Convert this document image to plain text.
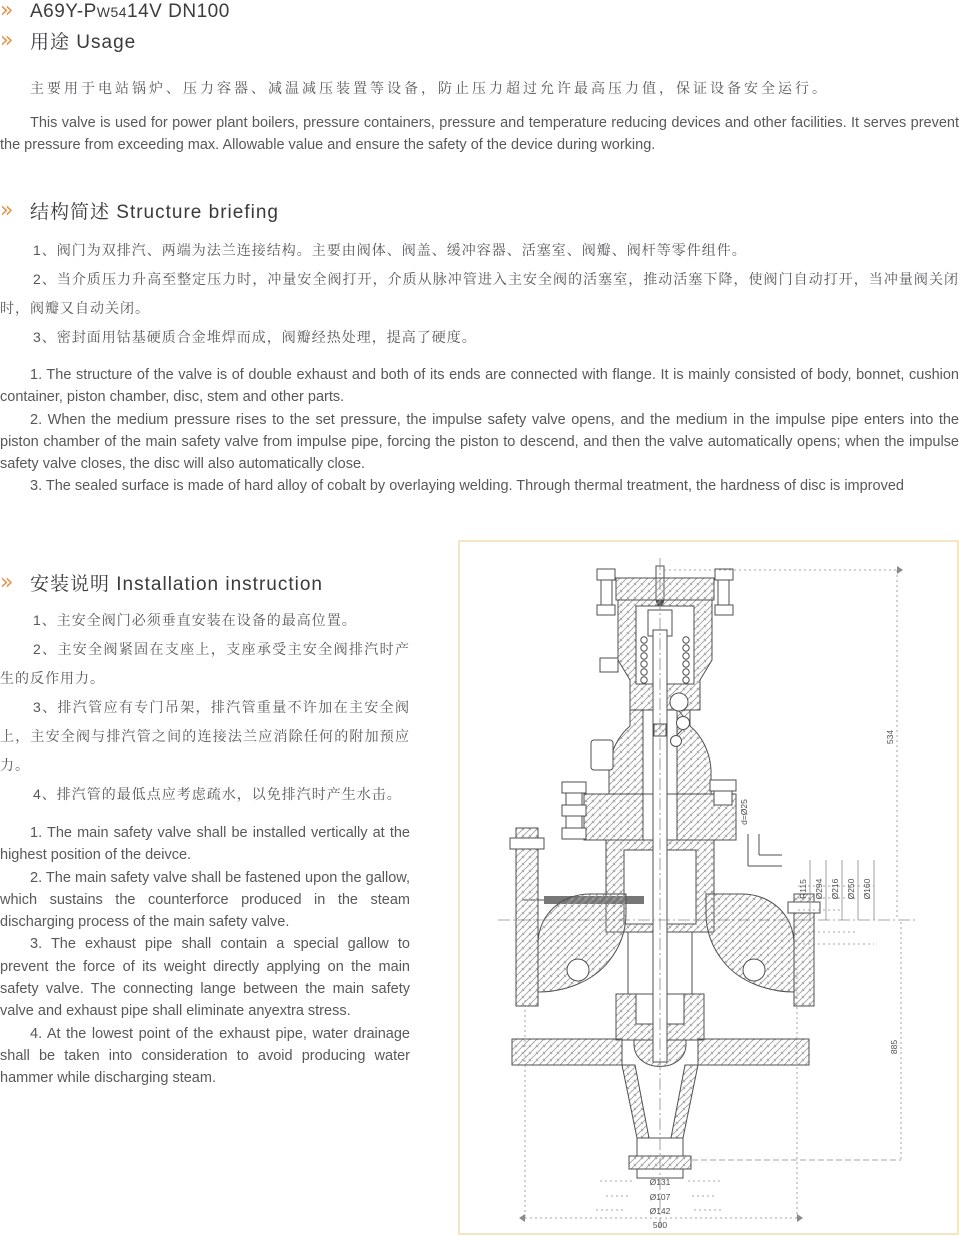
» A69Y-PW5414V DN100
» 用途 Usage

主要用于电站锅炉、压力容器、减温减压装置等设备，防止压力超过允许最高压力值，保证设备安全运行。

This valve is used for power plant boilers, pressure containers, pressure and temperature reducing devices and other facilities. It serves prevent the pressure from exceeding max. Allowable value and ensure the safety of the device during working.

» 结构简述 Structure briefing

1、阀门为双排汽、两端为法兰连接结构。主要由阀体、阀盖、缓冲容器、活塞室、阀瓣、阀杆等零件组件。

2、当介质压力升高至整定压力时，冲量安全阀打开，介质从脉冲管进入主安全阀的活塞室，推动活塞下降，使阀门自动打开，当冲量阀关闭时，阀瓣又自动关闭。

3、密封面用钴基硬质合金堆焊而成，阀瓣经热处理，提高了硬度。

1. The structure of the valve is of double exhaust and both of its ends are connected with flange. It is mainly consisted of body, bonnet, cushion container, piston chamber, disc, stem and other parts.

2. When the medium pressure rises to the set pressure, the impulse safety valve opens, and the medium in the impulse pipe enters into the piston chamber of the main safety valve from impulse pipe, forcing the piston to descend, and then the valve automatically opens; when the impulse safety valve closes, the disc will also automatically close.

3. The sealed surface is made of hard alloy of cobalt by overlaying welding. Through thermal treatment, the hardness of disc is improved

» 安装说明 Installation instruction

1、主安全阀门必须垂直安装在设备的最高位置。

2、主安全阀紧固在支座上，支座承受主安全阀排汽时产生的反作用力。

3、排汽管应有专门吊架，排汽管重量不许加在主安全阀上，主安全阀与排汽管之间的连接法兰应消除任何的附加预应力。

4、排汽管的最低点应考虑疏水，以免排汽时产生水击。

1. The main safety valve shall be installed vertically at the highest position of the deivce.

2. The main safety valve shall be fastened upon the gallow, which sustains the counterforce produced in the steam discharging process of the main safety valve.

3. The exhaust pipe shall contain a special gallow to prevent the force of its weight directly applying on the main safety valve. The connecting lange between the main safety valve and exhaust pipe shall eliminate anyextra stress.

4. At the lowest point of the exhaust pipe, water drainage shall be taken into consideration to avoid producing water hammer while discharging steam.

534
885
d=Ø25
R115 Ø294 Ø216 Ø250 Ø160
Ø131
Ø107
Ø142
500
